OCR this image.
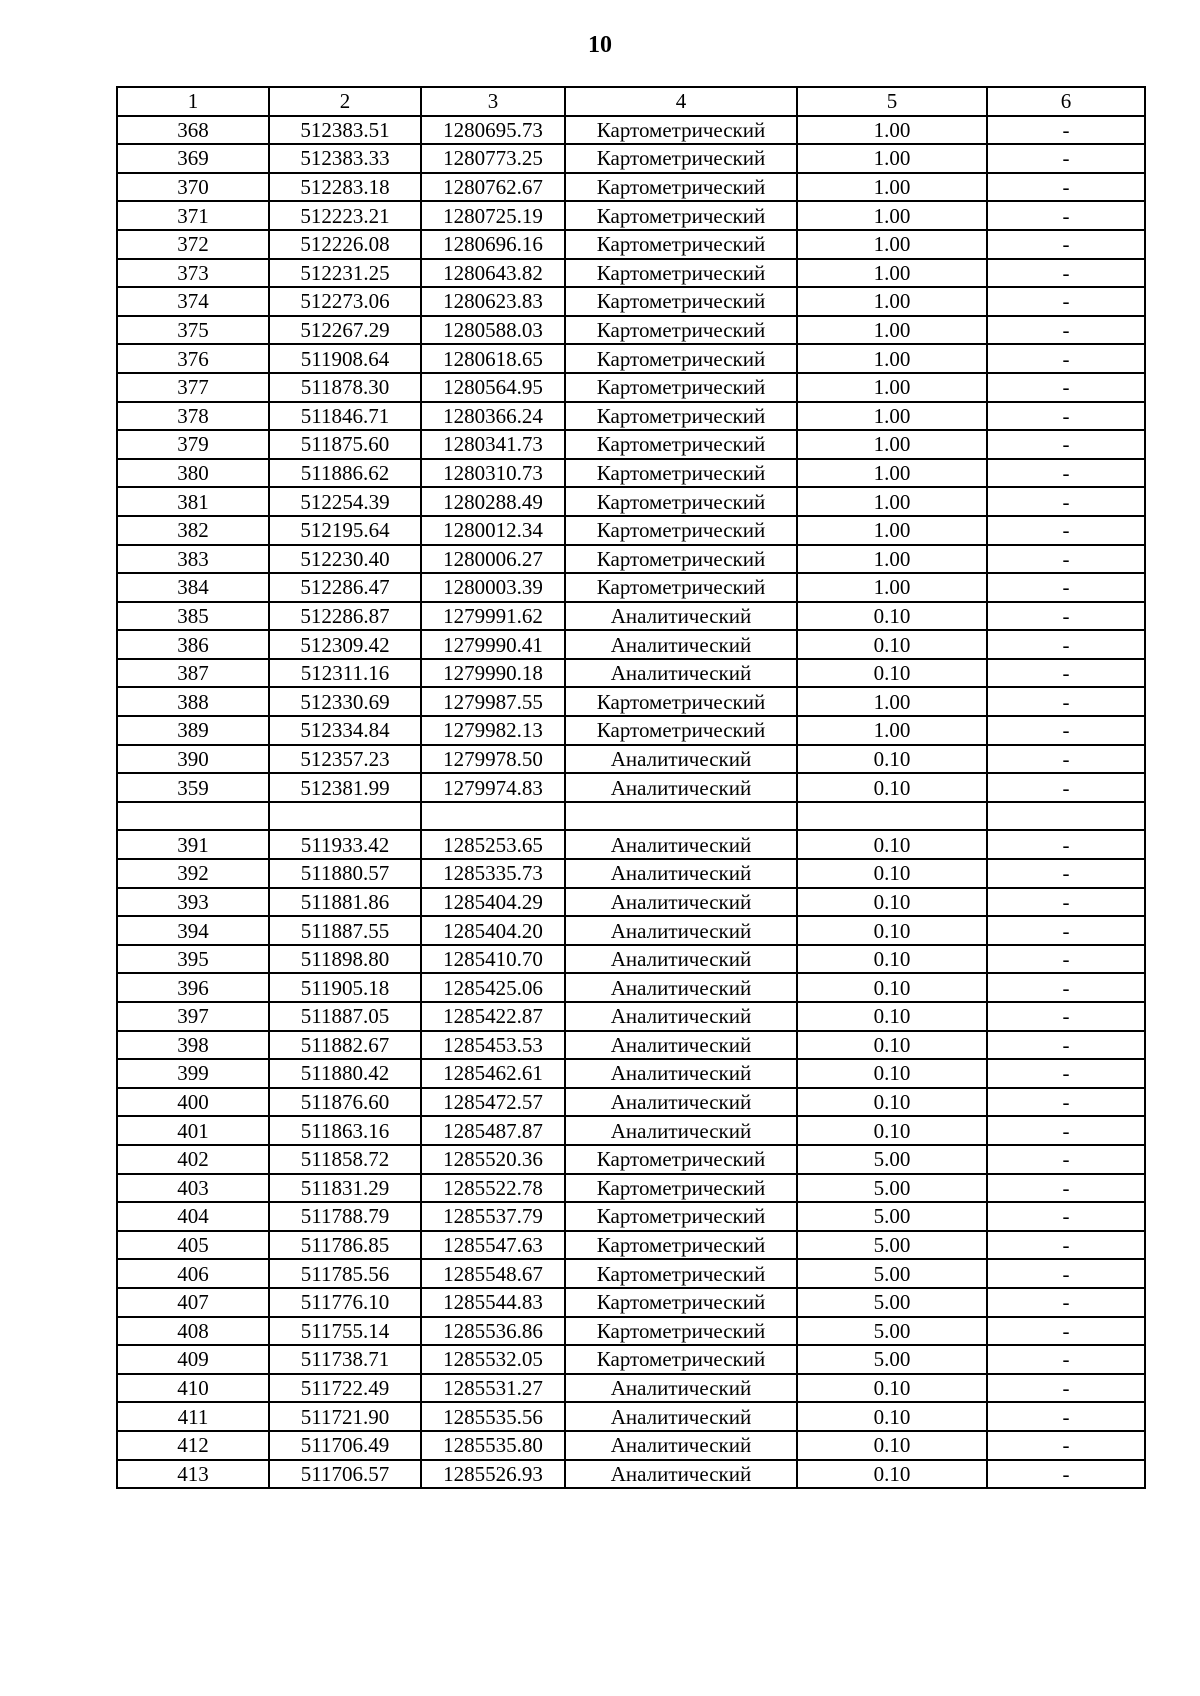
10
1	2	3	4	5	6
368	512383.51	1280695.73	Картометрический	1.00	-
369	512383.33	1280773.25	Картометрический	1.00	-
370	512283.18	1280762.67	Картометрический	1.00	-
371	512223.21	1280725.19	Картометрический	1.00	-
372	512226.08	1280696.16	Картометрический	1.00	-
373	512231.25	1280643.82	Картометрический	1.00	-
374	512273.06	1280623.83	Картометрический	1.00	-
375	512267.29	1280588.03	Картометрический	1.00	-
376	511908.64	1280618.65	Картометрический	1.00	-
377	511878.30	1280564.95	Картометрический	1.00	-
378	511846.71	1280366.24	Картометрический	1.00	-
379	511875.60	1280341.73	Картометрический	1.00	-
380	511886.62	1280310.73	Картометрический	1.00	-
381	512254.39	1280288.49	Картометрический	1.00	-
382	512195.64	1280012.34	Картометрический	1.00	-
383	512230.40	1280006.27	Картометрический	1.00	-
384	512286.47	1280003.39	Картометрический	1.00	-
385	512286.87	1279991.62	Аналитический	0.10	-
386	512309.42	1279990.41	Аналитический	0.10	-
387	512311.16	1279990.18	Аналитический	0.10	-
388	512330.69	1279987.55	Картометрический	1.00	-
389	512334.84	1279982.13	Картометрический	1.00	-
390	512357.23	1279978.50	Аналитический	0.10	-
359	512381.99	1279974.83	Аналитический	0.10	-

391	511933.42	1285253.65	Аналитический	0.10	-
392	511880.57	1285335.73	Аналитический	0.10	-
393	511881.86	1285404.29	Аналитический	0.10	-
394	511887.55	1285404.20	Аналитический	0.10	-
395	511898.80	1285410.70	Аналитический	0.10	-
396	511905.18	1285425.06	Аналитический	0.10	-
397	511887.05	1285422.87	Аналитический	0.10	-
398	511882.67	1285453.53	Аналитический	0.10	-
399	511880.42	1285462.61	Аналитический	0.10	-
400	511876.60	1285472.57	Аналитический	0.10	-
401	511863.16	1285487.87	Аналитический	0.10	-
402	511858.72	1285520.36	Картометрический	5.00	-
403	511831.29	1285522.78	Картометрический	5.00	-
404	511788.79	1285537.79	Картометрический	5.00	-
405	511786.85	1285547.63	Картометрический	5.00	-
406	511785.56	1285548.67	Картометрический	5.00	-
407	511776.10	1285544.83	Картометрический	5.00	-
408	511755.14	1285536.86	Картометрический	5.00	-
409	511738.71	1285532.05	Картометрический	5.00	-
410	511722.49	1285531.27	Аналитический	0.10	-
411	511721.90	1285535.56	Аналитический	0.10	-
412	511706.49	1285535.80	Аналитический	0.10	-
413	511706.57	1285526.93	Аналитический	0.10	-
